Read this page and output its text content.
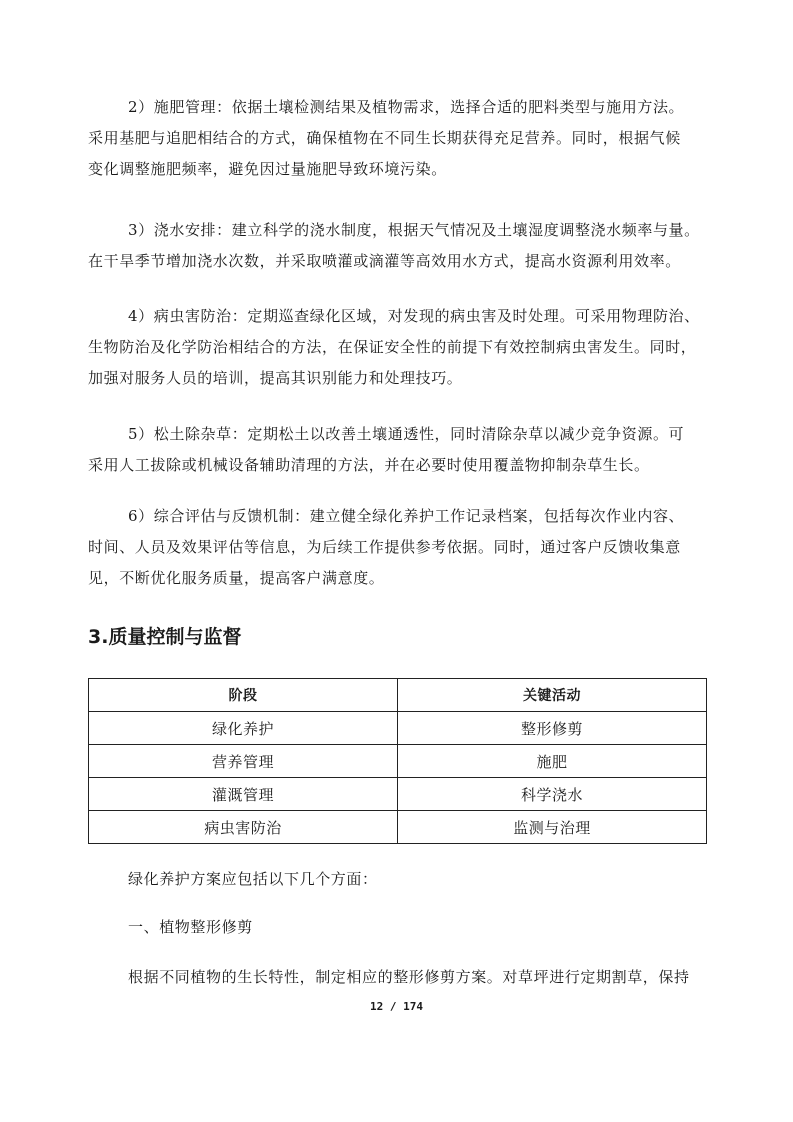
2）施肥管理：依据土壤检测结果及植物需求，选择合适的肥料类型与施用方法。
采用基肥与追肥相结合的方式，确保植物在不同生长期获得充足营养。同时，根据气候
变化调整施肥频率，避免因过量施肥导致环境污染。
3）浇水安排：建立科学的浇水制度，根据天气情况及土壤湿度调整浇水频率与量。
在干旱季节增加浇水次数，并采取喷灌或滴灌等高效用水方式，提高水资源利用效率。
4）病虫害防治：定期巡查绿化区域，对发现的病虫害及时处理。可采用物理防治、
生物防治及化学防治相结合的方法，在保证安全性的前提下有效控制病虫害发生。同时，
加强对服务人员的培训，提高其识别能力和处理技巧。
5）松土除杂草：定期松土以改善土壤通透性，同时清除杂草以减少竞争资源。可
采用人工拔除或机械设备辅助清理的方法，并在必要时使用覆盖物抑制杂草生长。
6）综合评估与反馈机制：建立健全绿化养护工作记录档案，包括每次作业内容、
时间、人员及效果评估等信息，为后续工作提供参考依据。同时，通过客户反馈收集意
见，不断优化服务质量，提高客户满意度。
3.质量控制与监督
阶段	关键活动
绿化养护	整形修剪
营养管理	施肥
灌溉管理	科学浇水
病虫害防治	监测与治理
绿化养护方案应包括以下几个方面：
一、植物整形修剪
根据不同植物的生长特性，制定相应的整形修剪方案。对草坪进行定期割草，保持
12 / 174
